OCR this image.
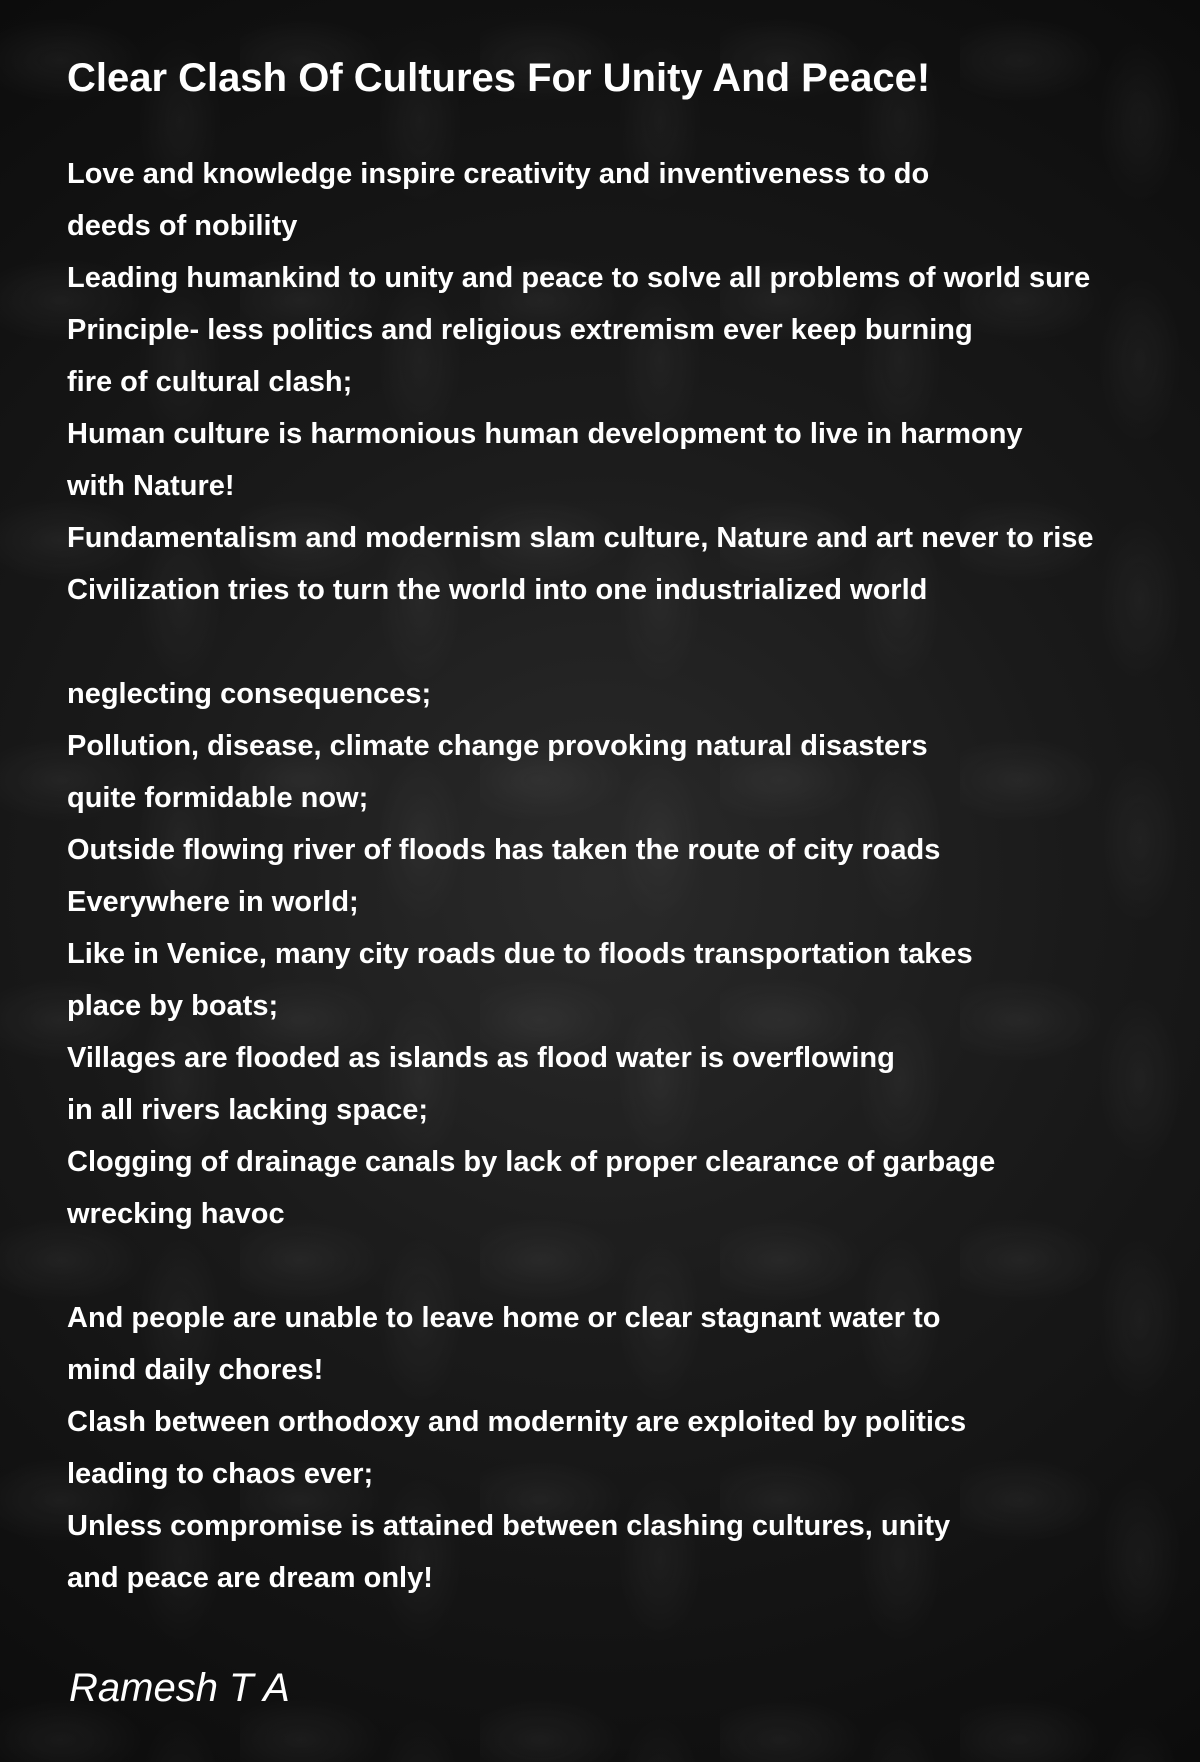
Clear Clash Of Cultures For Unity And Peace!
Love and knowledge inspire creativity and inventiveness to do
deeds of nobility
Leading humankind to unity and peace to solve all problems of world sure
Principle- less politics and religious extremism ever keep burning
fire of cultural clash;
Human culture is harmonious human development to live in harmony
with Nature!
Fundamentalism and modernism slam culture, Nature and art never to rise
Civilization tries to turn the world into one industrialized world
neglecting consequences;
Pollution, disease, climate change provoking natural disasters
quite formidable now;
Outside flowing river of floods has taken the route of city roads
Everywhere in world;
Like in Venice, many city roads due to floods transportation takes
place by boats;
Villages are flooded as islands as flood water is overflowing
in all rivers lacking space;
Clogging of drainage canals by lack of proper clearance of garbage
wrecking havoc
And people are unable to leave home or clear stagnant water to
mind daily chores!
Clash between orthodoxy and modernity are exploited by politics
leading to chaos ever;
Unless compromise is attained between clashing cultures, unity
and peace are dream only!

Ramesh T A
